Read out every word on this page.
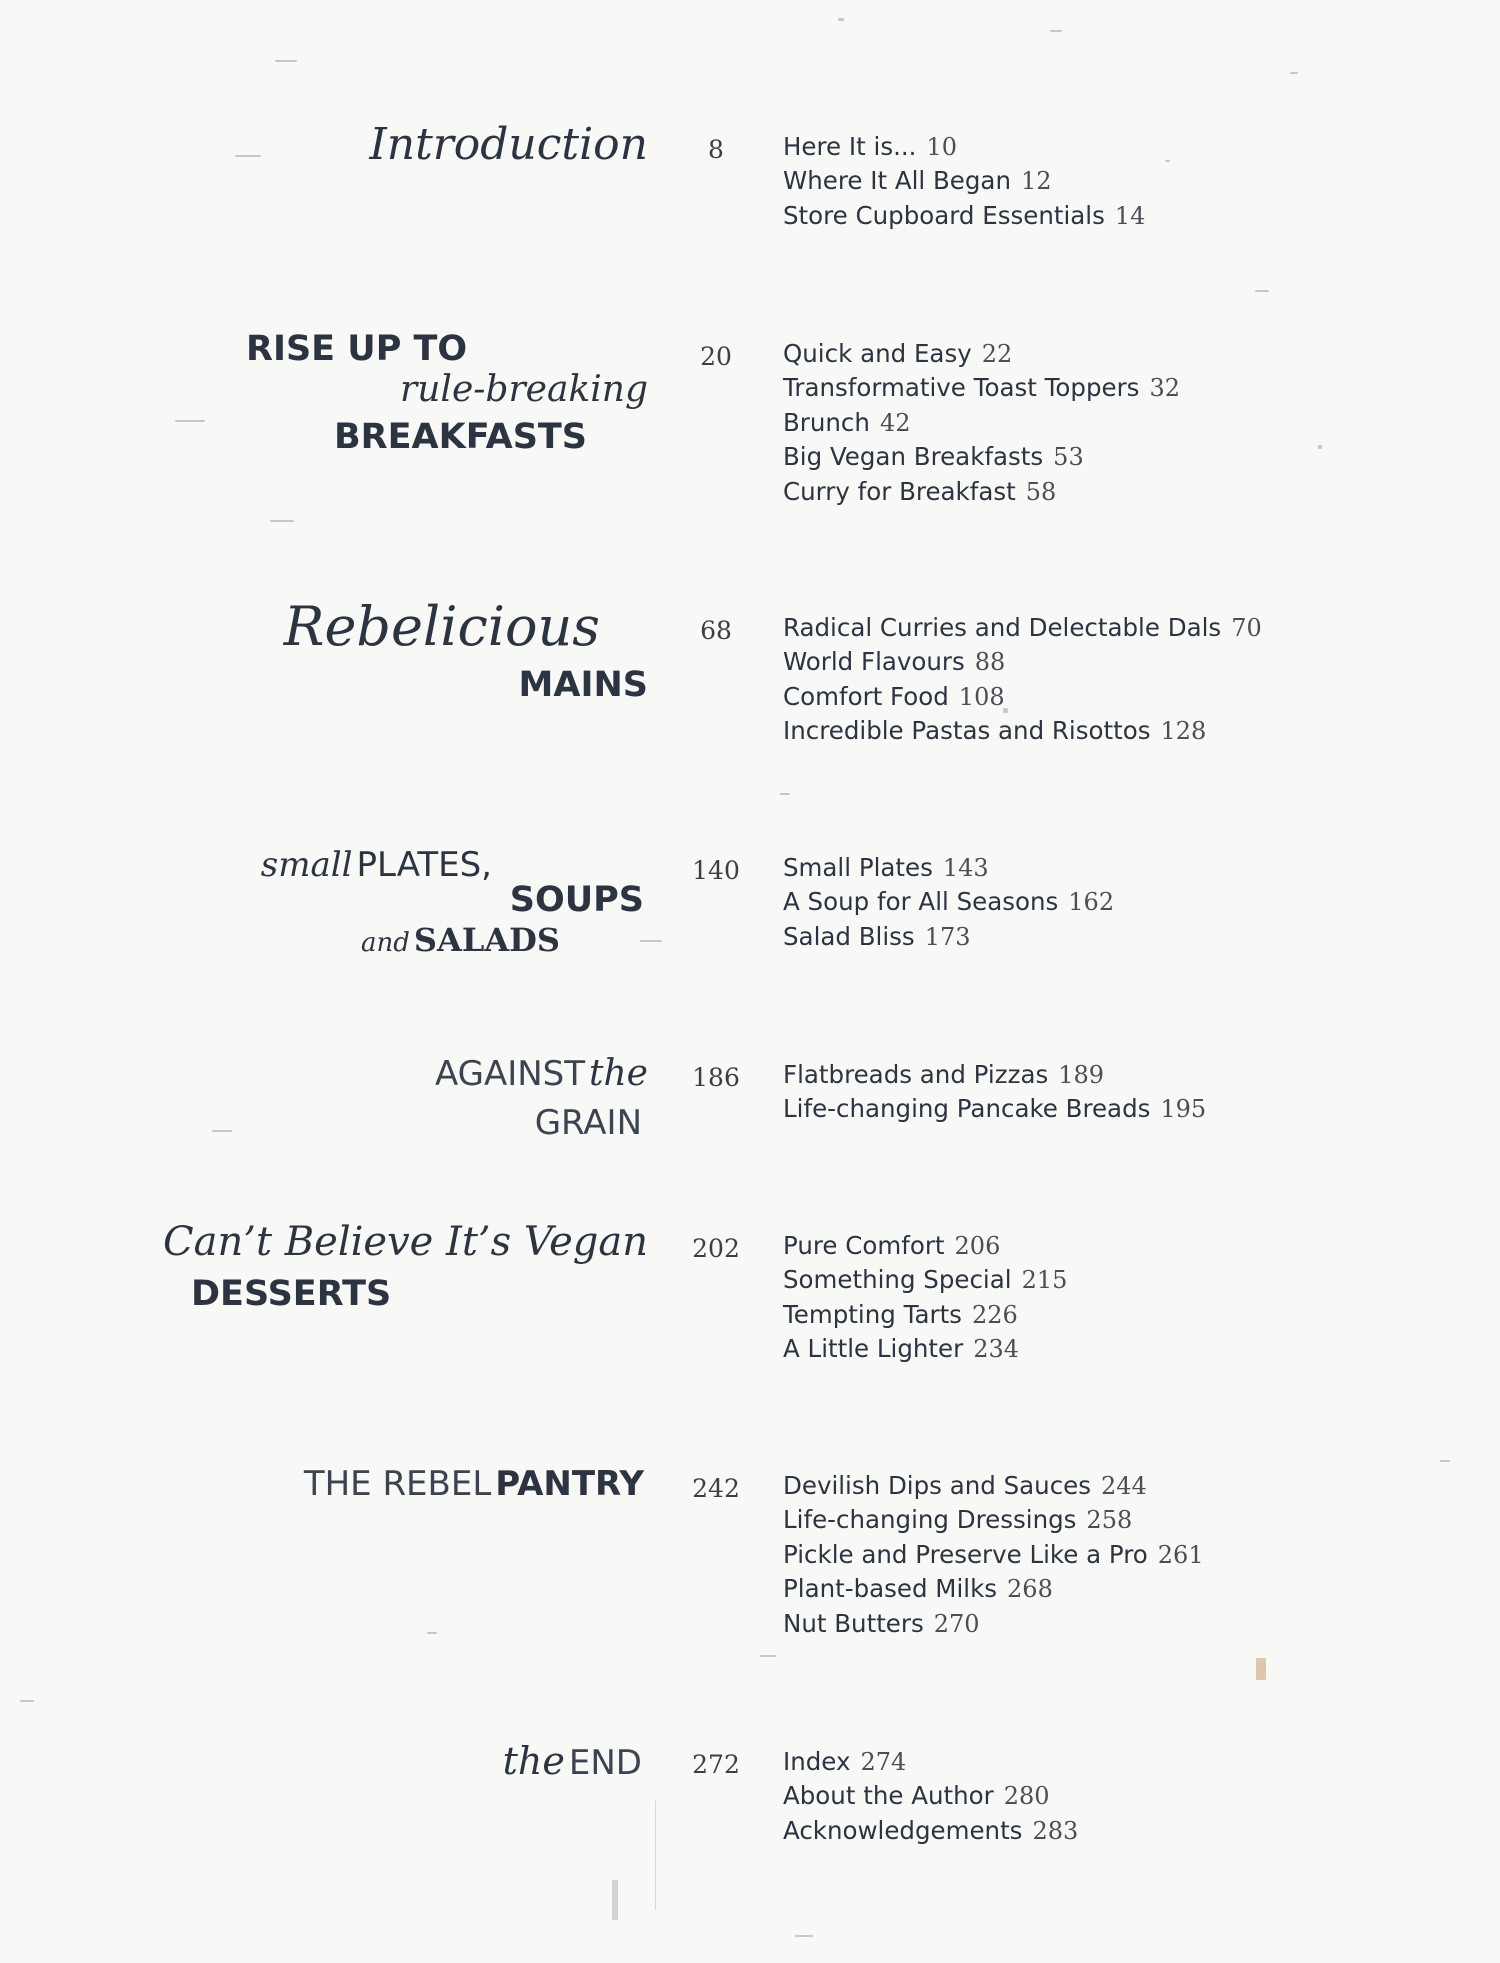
Introduction	8	Here It is... 10
Where It All Began 12
Store Cupboard Essentials 14
RISE UP TO
rule-breaking
BREAKFASTS
20	Quick and Easy 22
Transformative Toast Toppers 32
Brunch 42
Big Vegan Breakfasts 53
Curry for Breakfast 58
Rebelicious
MAINS
68	Radical Curries and Delectable Dals 70
World Flavours 88
Comfort Food 108
Incredible Pastas and Risottos 128
small PLATES,
SOUPS
and SALADS
140	Small Plates 143
A Soup for All Seasons 162
Salad Bliss 173
AGAINST the
GRAIN
186	Flatbreads and Pizzas 189
Life-changing Pancake Breads 195
Can’t Believe It’s Vegan
DESSERTS
202	Pure Comfort 206
Something Special 215
Tempting Tarts 226
A Little Lighter 234
THE REBEL PANTRY	242	Devilish Dips and Sauces 244
Life-changing Dressings 258
Pickle and Preserve Like a Pro 261
Plant-based Milks 268
Nut Butters 270
the END	272	Index 274
About the Author 280
Acknowledgements 283
